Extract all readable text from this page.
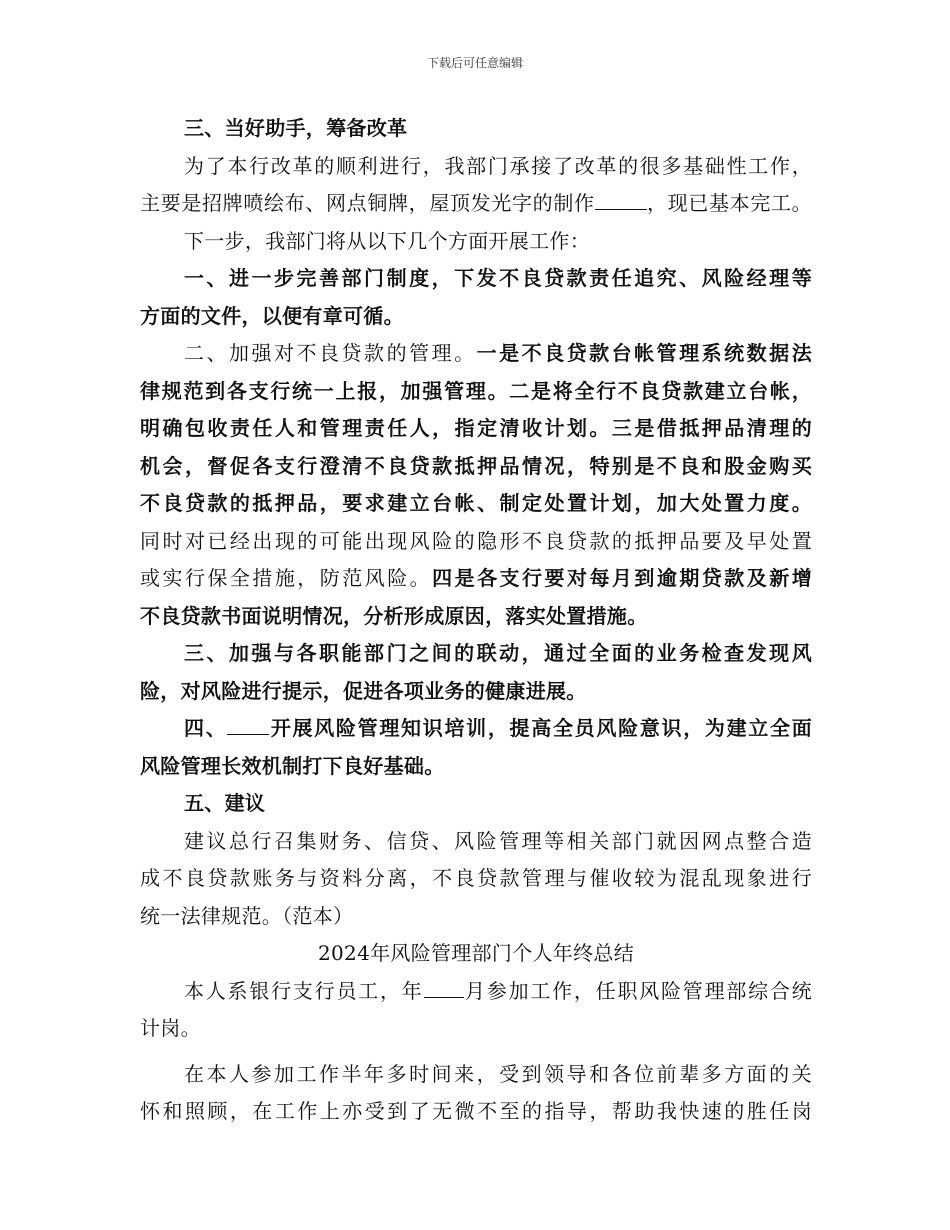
下载后可任意编辑
三、当好助手，筹备改革
为了本行改革的顺利进行，我部门承接了改革的很多基础性工作，
主要是招牌喷绘布、网点铜牌，屋顶发光字的制作	，现已基本完工。
下一步，我部门将从以下几个方面开展工作：
一、进一步完善部门制度，下发不良贷款责任追究、风险经理等
方面的文件，以便有章可循。
二、加强对不良贷款的管理。一是不良贷款台帐管理系统数据法
律规范到各支行统一上报，加强管理。二是将全行不良贷款建立台帐，
明确包收责任人和管理责任人，指定清收计划。三是借抵押品清理的
机会，督促各支行澄清不良贷款抵押品情况，特别是不良和股金购买
不良贷款的抵押品，要求建立台帐、制定处置计划，加大处置力度。
同时对已经出现的可能出现风险的隐形不良贷款的抵押品要及早处置
或实行保全措施，防范风险。四是各支行要对每月到逾期贷款及新增
不良贷款书面说明情况，分析形成原因，落实处置措施。
三、加强与各职能部门之间的联动，通过全面的业务检查发现风
险，对风险进行提示，促进各项业务的健康进展。
四、 开展风险管理知识培训，提高全员风险意识，为建立全面
风险管理长效机制打下良好基础。
五、建议
建议总行召集财务、信贷、风险管理等相关部门就因网点整合造
成不良贷款账务与资料分离，不良贷款管理与催收较为混乱现象进行
统一法律规范。（范本）
2024年风险管理部门个人年终总结
本人系银行支行员工，年 月参加工作，任职风险管理部综合统
计岗。
在本人参加工作半年多时间来，受到领导和各位前辈多方面的关
怀和照顾，在工作上亦受到了无微不至的指导，帮助我快速的胜任岗
